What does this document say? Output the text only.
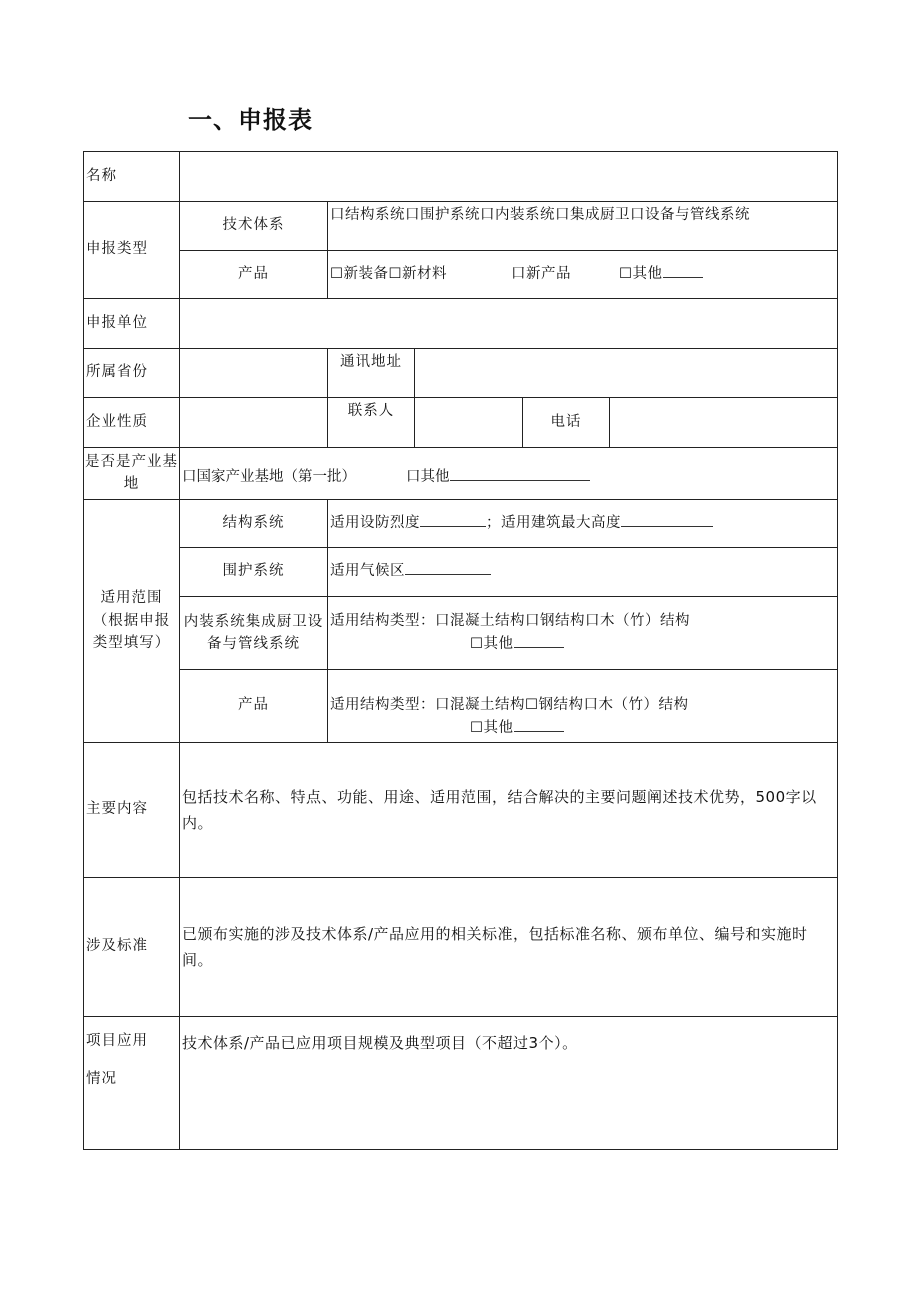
一、申报表
名称					
申报类型	技术体系	口结构系统口围护系统口内装系统口集成厨卫口设备与管线系统			
	产品	☐新装备☐新材料 口新产品 ☐其他			
申报单位					
所属省份		通讯地址			
企业性质		联系人		电话	
是否是产业基地	口国家产业基地（第一批） 口其他				
适用范围（根据申报类型填写）	结构系统	适用设防烈度 ；适用建筑最大高度			
	围护系统	适用气候区			
	内装系统集成厨卫设备与管线系统	适用结构类型：口混凝土结构口钢结构口木（竹）结构
☐其他			

	产品	适用结构类型：口混凝土结构☐钢结构口木（竹）结构
☐其他			

主要内容	包括技术名称、特点、功能、用途、适用范围，结合解决的主要问题阐述技术优势，500字以内。				
涉及标准	已颁布实施的涉及技术体系/产品应用的相关标准，包括标准名称、颁布单位、编号和实施时间。				
项目应用情况	技术体系/产品已应用项目规模及典型项目（不超过3个）。				
